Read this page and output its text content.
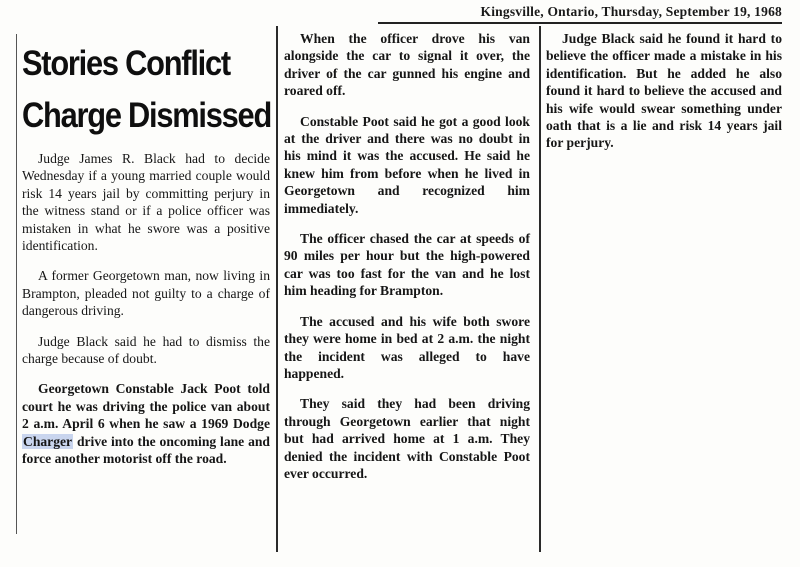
Kingsville, Ontario, Thursday, September 19, 1968
Stories Conflict
Charge Dismissed

Judge James R. Black had to decide Wednesday if a young married couple would risk 14 years jail by committing perjury in the witness stand or if a police officer was mistaken in what he swore was a positive identification.

A former Georgetown man, now living in Brampton, pleaded not guilty to a charge of dangerous driving.

Judge Black said he had to dismiss the charge because of doubt.

Georgetown Constable Jack Poot told court he was driving the police van about 2 a.m. April 6 when he saw a 1969 Dodge Charger drive into the oncoming lane and force another motorist off the road.

When the officer drove his van alongside the car to signal it over, the driver of the car gunned his engine and roared off.

Constable Poot said he got a good look at the driver and there was no doubt in his mind it was the accused. He said he knew him from before when he lived in Georgetown and recognized him immediately.

The officer chased the car at speeds of 90 miles per hour but the high-powered car was too fast for the van and he lost him heading for Brampton.

The accused and his wife both swore they were home in bed at 2 a.m. the night the incident was alleged to have happened.

They said they had been driving through Georgetown earlier that night but had arrived home at 1 a.m. They denied the incident with Constable Poot ever occurred.

Judge Black said he found it hard to believe the officer made a mistake in his identification. But he added he also found it hard to believe the accused and his wife would swear something under oath that is a lie and risk 14 years jail for perjury.
